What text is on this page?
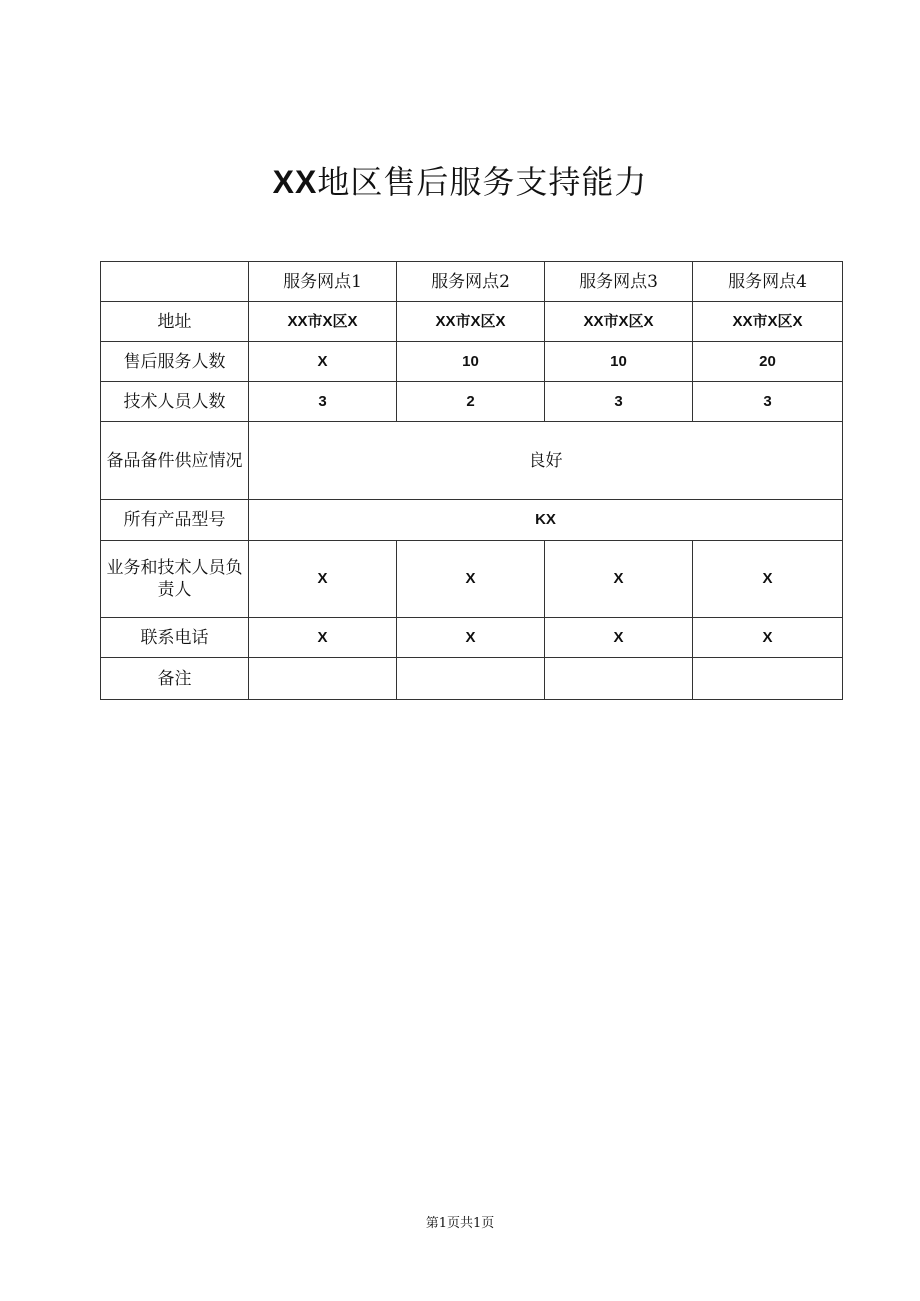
XX地区售后服务支持能力
	服务网点1	服务网点2	服务网点3	服务网点4
地址	XX市X区X	XX市X区X	XX市X区X	XX市X区X
售后服务人数	X	10	10	20
技术人员人数	3	2	3	3
备品备件供应情况	良好			
所有产品型号	KX			
业务和技术人员负责人	X	X	X	X
联系电话	X	X	X	X
备注				
第1页共1页
